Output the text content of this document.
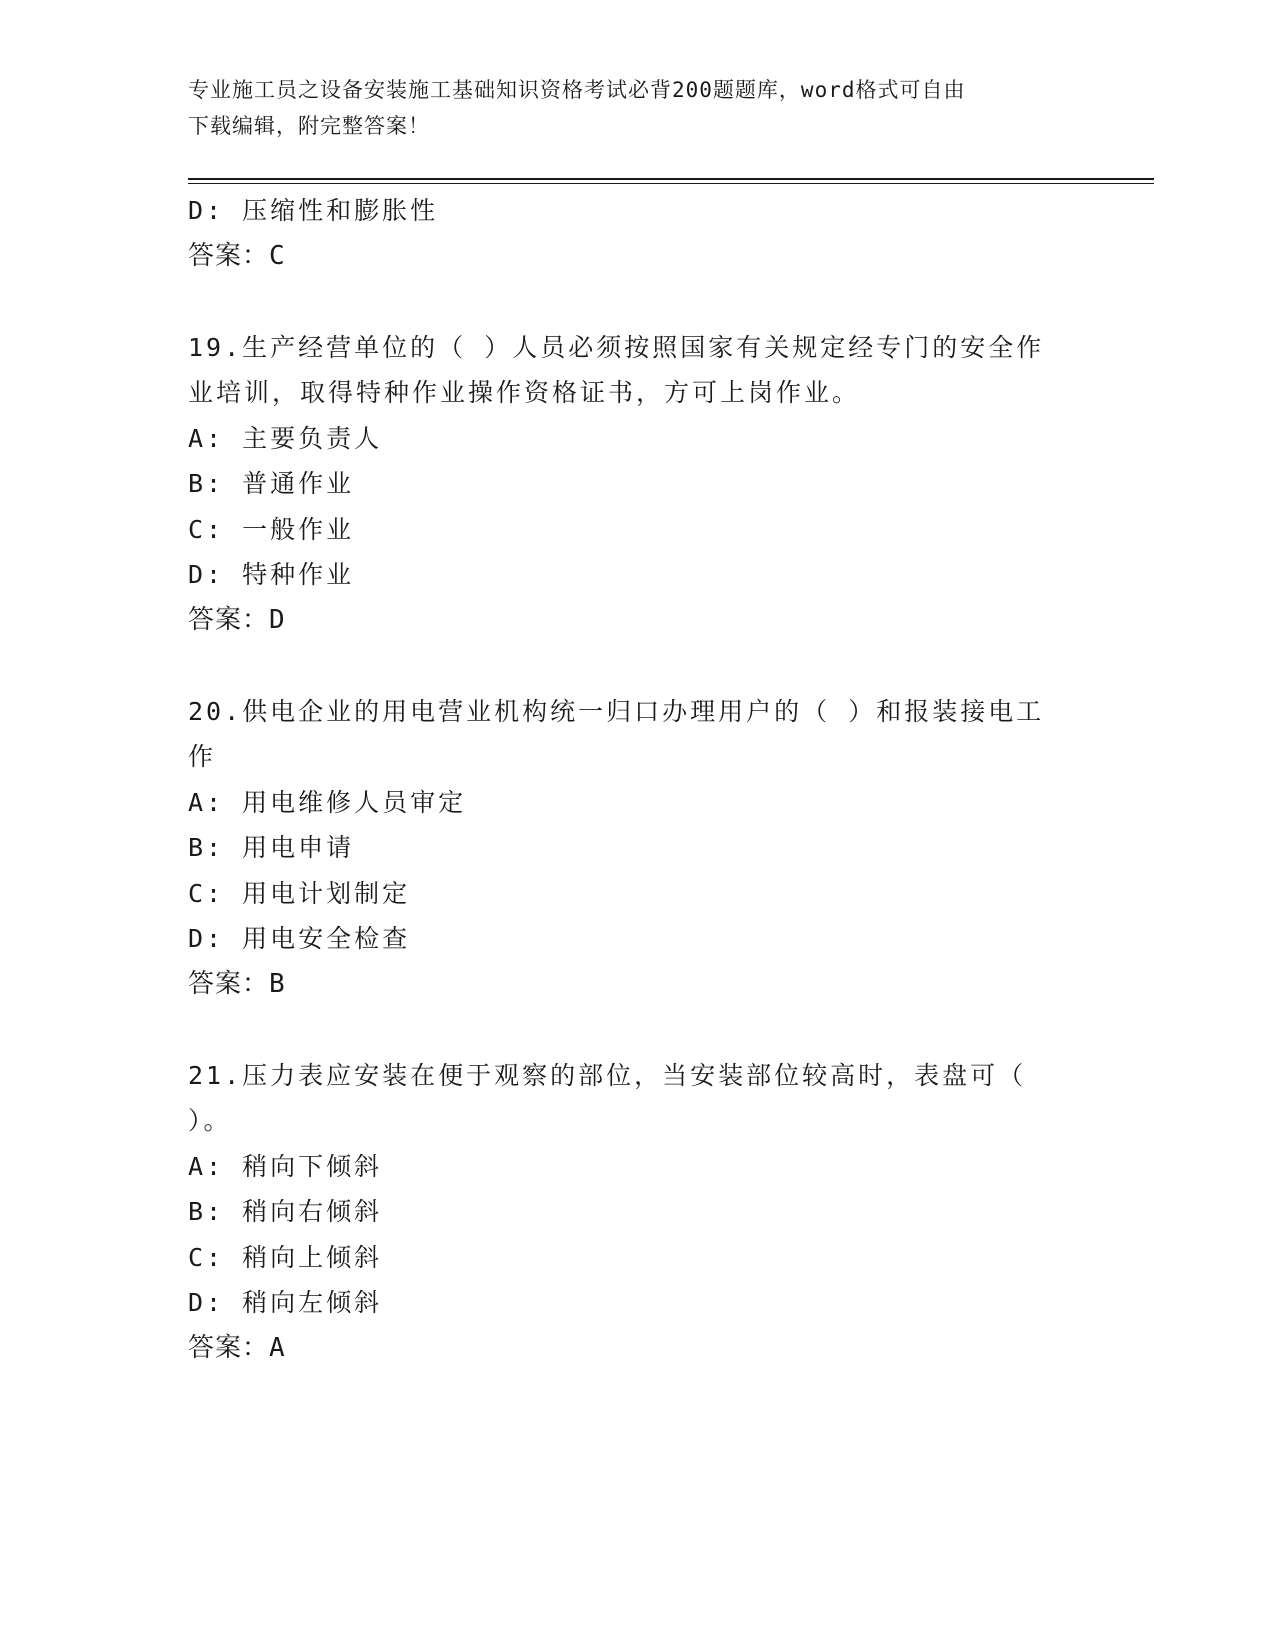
专业施工员之设备安装施工基础知识资格考试必背200题题库，word格式可自由
下载编辑，附完整答案！
D: 压缩性和膨胀性
答案：C
19.生产经营单位的（ ）人员必须按照国家有关规定经专门的安全作
业培训，取得特种作业操作资格证书，方可上岗作业。
A: 主要负责人
B: 普通作业
C: 一般作业
D: 特种作业
答案：D
20.供电企业的用电营业机构统一归口办理用户的（ ）和报装接电工
作
A: 用电维修人员审定
B: 用电申请
C: 用电计划制定
D: 用电安全检查
答案：B
21.压力表应安装在便于观察的部位，当安装部位较高时，表盘可（
）。
A: 稍向下倾斜
B: 稍向右倾斜
C: 稍向上倾斜
D: 稍向左倾斜
答案：A
